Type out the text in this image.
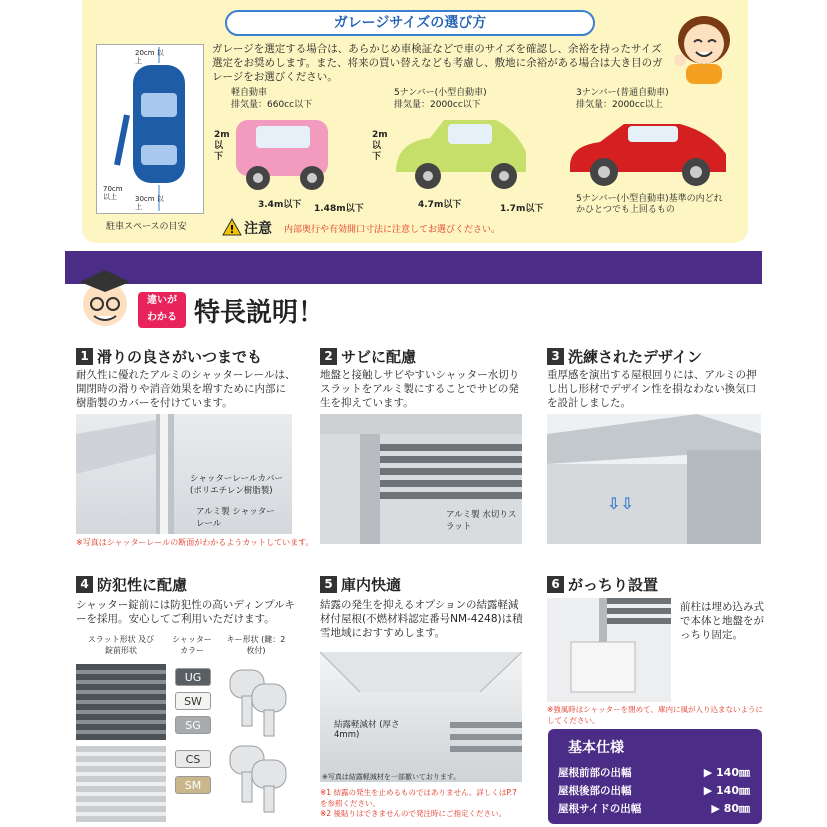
ガレージサイズの選び方
ガレージを選定する場合は、あらかじめ車検証などで車のサイズを確認し、余裕を持ったサイズ選定をお奨めします。また、将来の買い替えなども考慮し、敷地に余裕がある場合は大き目のガレージをお選びください。
20cm 以上
70cm 以上	30cm 以上
駐車スペースの目安
軽自動車
排気量：660cc以下
2m以下
3.4m以下 1.48m以下
5ナンバー(小型自動車)
排気量：2000cc以下
2m以下
4.7m以下	1.7m以下
3ナンバー(普通自動車)
排気量：2000cc以上
5ナンバー(小型自動車)基準の内どれかひとつでも上回るもの
! 注意 内部奥行や有効開口寸法に注意してお選びください。
違いが
わかる 特長説明！
1 滑りの良さがいつまでも
耐久性に優れたアルミのシャッターレールは、開閉時の滑りや消音効果を増すために内部に樹脂製のカバーを付けています。
シャッターレールカバー (ポリエチレン樹脂製)
アルミ製 シャッターレール
※写真はシャッターレールの断面がわかるようカットしています。
2 サビに配慮
地盤と接触しサビやすいシャッター水切りスラットをアルミ製にすることでサビの発生を抑えています。
アルミ製 水切りスラット
3 洗練されたデザイン
重厚感を演出する屋根回りには、アルミの押し出し形材でデザイン性を損なわない換気口を設計しました。
⇩⇩
4 防犯性に配慮
シャッター錠前には防犯性の高いディンプルキーを採用。安心してご利用いただけます。
スラット形状 及び錠前形状
シャッター カラー
キー形状 (鍵：2枚付)
UG
SW
SG
CS
SM
5 庫内快適
結露の発生を抑えるオプションの結露軽減材付屋根(不燃材料認定番号NM-4248)は積雪地域におすすめします。
結露軽減材 (厚さ4mm)
※写真は結露軽減材を一部撤いております。
※1 結露の発生を止めるものではありません。詳しくはP.7を参照ください。
※2 後貼りはできませんので発注時にご指定ください。
6 がっちり設置
前柱は埋め込み式で本体と地盤をがっちり固定。
※強風時はシャッターを閉めて、庫内に風が入り込まないようにしてください。
基本仕様
屋根前部の出幅	▶ 140㎜
屋根後部の出幅	▶ 140㎜
屋根サイドの出幅	▶ 80㎜
